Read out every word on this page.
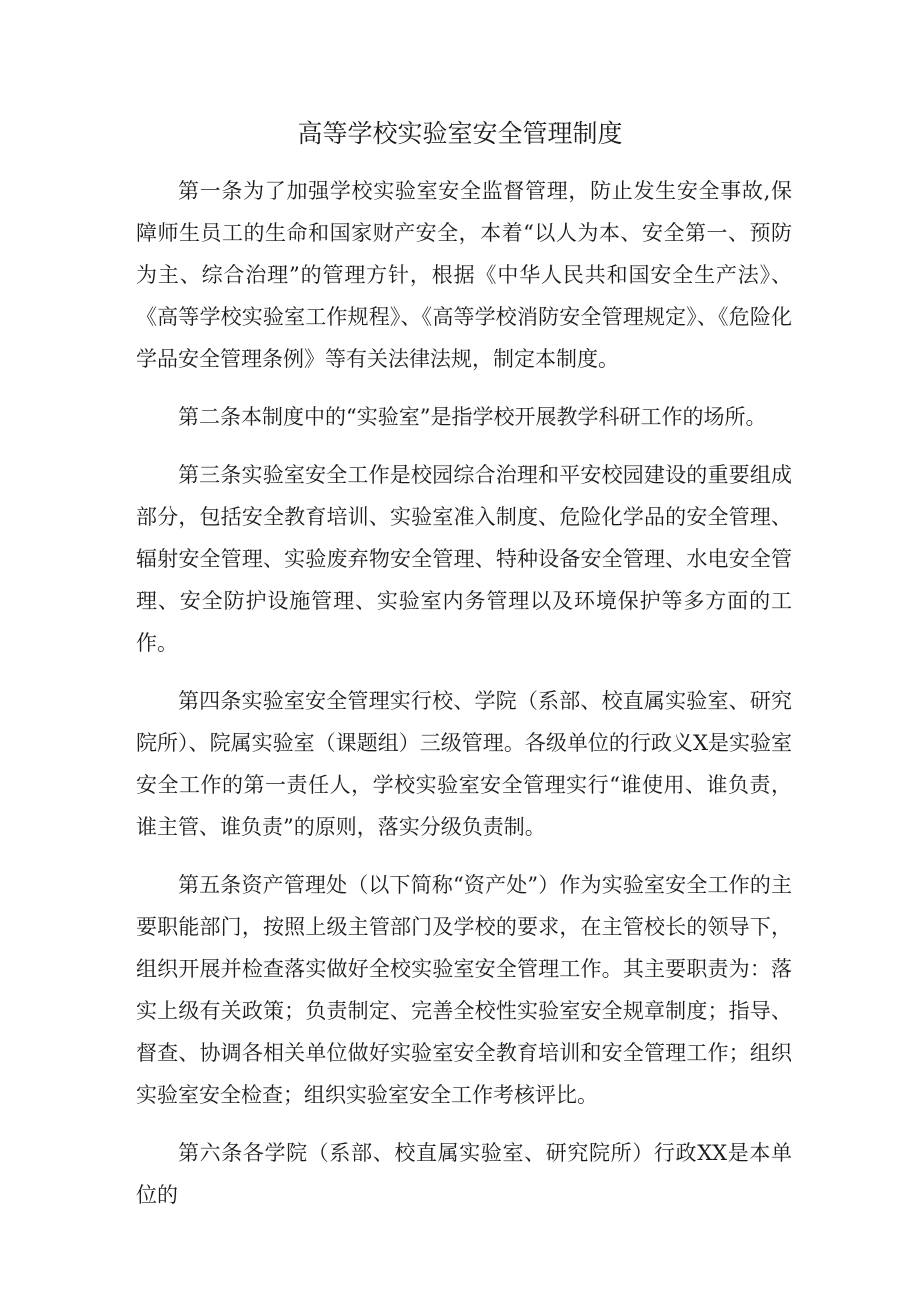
高等学校实验室安全管理制度

第一条为了加强学校实验室安全监督管理，防止发生安全事故,保障师生员工的生命和国家财产安全，本着“以人为本、安全第一、预防为主、综合治理”的管理方针，根据《中华人民共和国安全生产法》、《高等学校实验室工作规程》、《高等学校消防安全管理规定》、《危险化学品安全管理条例》等有关法律法规，制定本制度。

第二条本制度中的“实验室”是指学校开展教学科研工作的场所。

第三条实验室安全工作是校园综合治理和平安校园建设的重要组成部分，包括安全教育培训、实验室准入制度、危险化学品的安全管理、辐射安全管理、实验废弃物安全管理、特种设备安全管理、水电安全管理、安全防护设施管理、实验室内务管理以及环境保护等多方面的工作。

第四条实验室安全管理实行校、学院（系部、校直属实验室、研究院所）、院属实验室（课题组）三级管理。各级单位的行政义X是实验室安全工作的第一责任人，学校实验室安全管理实行“谁使用、谁负责，谁主管、谁负责”的原则，落实分级负责制。

第五条资产管理处（以下简称“资产处”）作为实验室安全工作的主要职能部门，按照上级主管部门及学校的要求，在主管校长的领导下，组织开展并检查落实做好全校实验室安全管理工作。其主要职责为：落实上级有关政策；负责制定、完善全校性实验室安全规章制度；指导、督查、协调各相关单位做好实验室安全教育培训和安全管理工作；组织实验室安全检查；组织实验室安全工作考核评比。

第六条各学院（系部、校直属实验室、研究院所）行政XX是本单位的
